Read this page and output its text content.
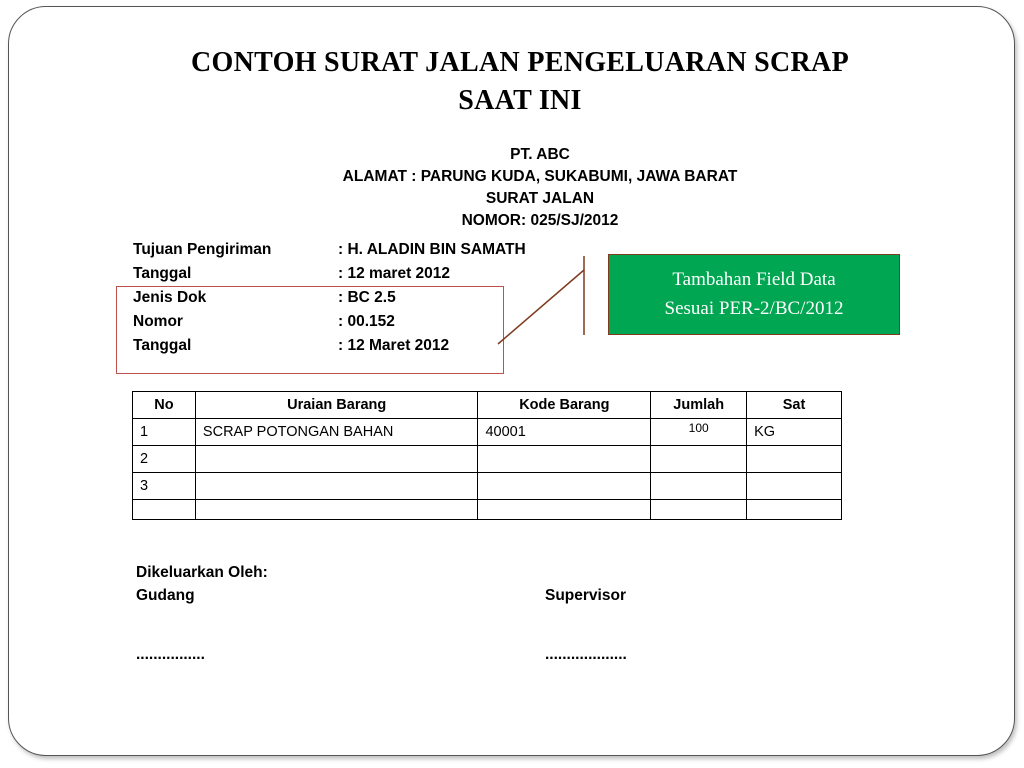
CONTOH SURAT JALAN PENGELUARAN SCRAP
SAAT INI
PT. ABC
ALAMAT : PARUNG KUDA, SUKABUMI, JAWA BARAT
SURAT JALAN
NOMOR: 025/SJ/2012
Tujuan Pengiriman	: H. ALADIN BIN SAMATH
Tanggal	: 12 maret 2012
Jenis Dok	: BC 2.5
Nomor	: 00.152
Tanggal	: 12 Maret 2012
Tambahan Field Data
Sesuai PER-2/BC/2012
No	Uraian Barang	Kode Barang	Jumlah	Sat
1	SCRAP POTONGAN BAHAN	40001	100	KG
2				
3				

Dikeluarkan Oleh:
Gudang
................
Supervisor
...................
